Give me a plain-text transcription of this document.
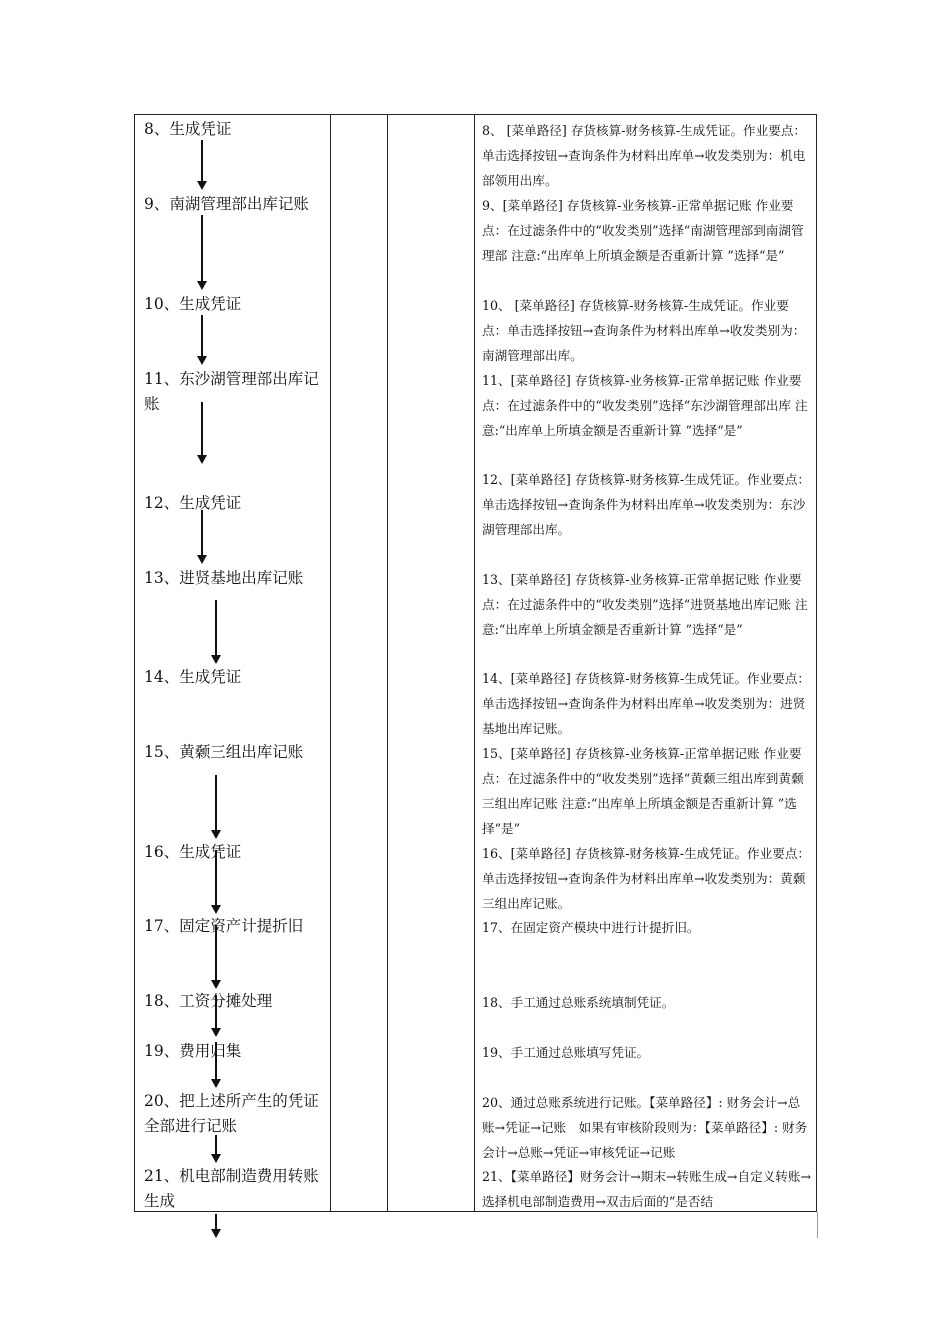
8、生成凭证
9、南湖管理部出库记账
10、生成凭证
11、东沙湖管理部出库记账
12、生成凭证
13、进贤基地出库记账
14、生成凭证
15、黄颡三组出库记账
16、生成凭证
17、固定资产计提折旧
18、工资分摊处理
19、费用归集
20、把上述所产生的凭证全部进行记账
21、机电部制造费用转账生成
8、 [菜单路径] 存货核算-财务核算-生成凭证。作业要点：单击选择按钮→查询条件为材料出库单→收发类别为：机电部领用出库。
9、[菜单路径] 存货核算-业务核算-正常单据记账 作业要点：在过滤条件中的“收发类别”选择“南湖管理部到南湖管理部 注意:“出库单上所填金额是否重新计算 ”选择“是”
10、 [菜单路径] 存货核算-财务核算-生成凭证。作业要点：单击选择按钮→查询条件为材料出库单→收发类别为：南湖管理部出库。
11、[菜单路径] 存货核算-业务核算-正常单据记账 作业要点：在过滤条件中的“收发类别”选择“东沙湖管理部出库 注意:“出库单上所填金额是否重新计算 ”选择“是”
12、[菜单路径] 存货核算-财务核算-生成凭证。作业要点：单击选择按钮→查询条件为材料出库单→收发类别为：东沙湖管理部出库。
13、[菜单路径] 存货核算-业务核算-正常单据记账 作业要点：在过滤条件中的“收发类别”选择“进贤基地出库记账 注意:“出库单上所填金额是否重新计算 ”选择“是”
14、[菜单路径] 存货核算-财务核算-生成凭证。作业要点：单击选择按钮→查询条件为材料出库单→收发类别为：进贤基地出库记账。
15、[菜单路径] 存货核算-业务核算-正常单据记账 作业要点：在过滤条件中的“收发类别”选择“黄颡三组出库到黄颡三组出库记账 注意:“出库单上所填金额是否重新计算 ”选择“是”
16、[菜单路径] 存货核算-财务核算-生成凭证。作业要点：单击选择按钮→查询条件为材料出库单→收发类别为：黄颡三组出库记账。
17、在固定资产模块中进行计提折旧。
18、手工通过总账系统填制凭证。
19、手工通过总账填写凭证。
20、通过总账系统进行记账。【菜单路径】: 财务会计→总账→凭证→记账　如果有审核阶段则为：【菜单路径】: 财务会计→总账→凭证→审核凭证→记账
21、【菜单路径】财务会计→期末→转账生成→自定义转账→选择机电部制造费用→双击后面的“是否结
